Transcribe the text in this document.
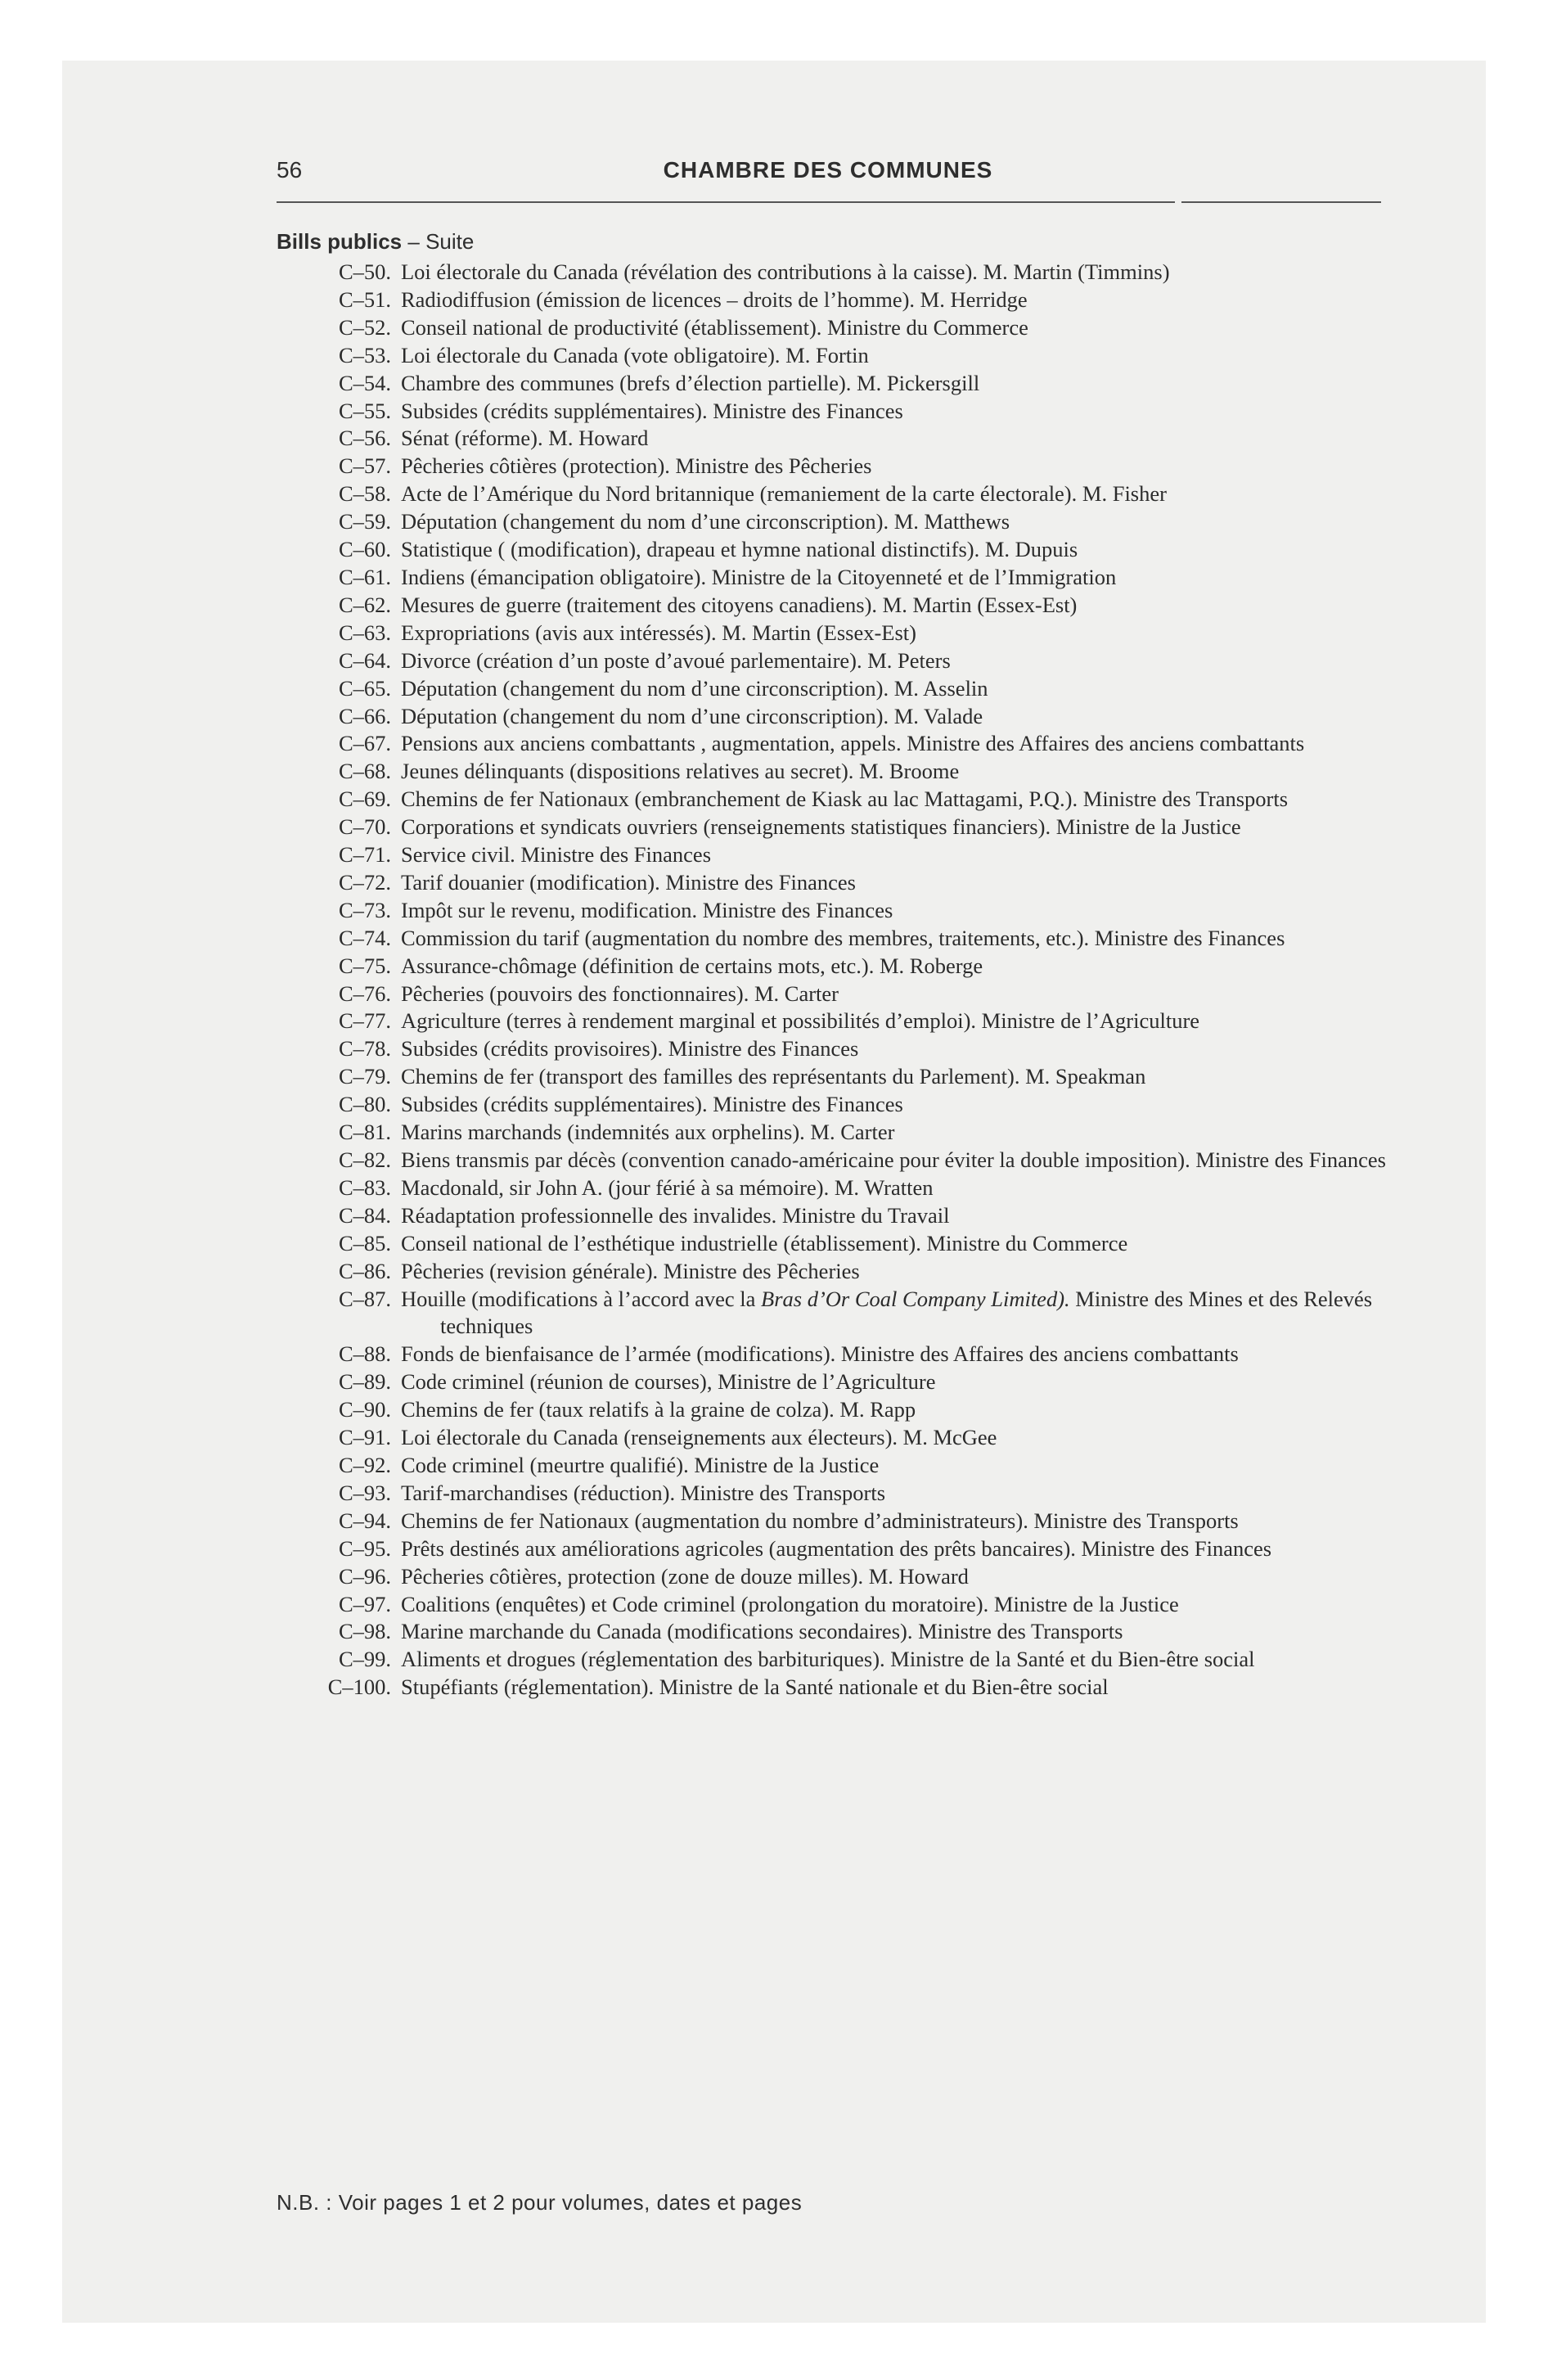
56	CHAMBRE DES COMMUNES
Bills publics – Suite
C–50. Loi électorale du Canada (révélation des contributions à la caisse). M. Martin (Timmins)
C–51. Radiodiffusion (émission de licences – droits de l’homme). M. Herridge
C–52. Conseil national de productivité (établissement). Ministre du Commerce
C–53. Loi électorale du Canada (vote obligatoire). M. Fortin
C–54. Chambre des communes (brefs d’élection partielle). M. Pickersgill
C–55. Subsides (crédits supplémentaires). Ministre des Finances
C–56. Sénat (réforme). M. Howard
C–57. Pêcheries côtières (protection). Ministre des Pêcheries
C–58. Acte de l’Amérique du Nord britannique (remaniement de la carte électorale). M. Fisher
C–59. Députation (changement du nom d’une circonscription). M. Matthews
C–60. Statistique ( (modification), drapeau et hymne national distinctifs). M. Dupuis
C–61. Indiens (émancipation obligatoire). Ministre de la Citoyenneté et de l’Immigration
C–62. Mesures de guerre (traitement des citoyens canadiens). M. Martin (Essex-Est)
C–63. Expropriations (avis aux intéressés). M. Martin (Essex-Est)
C–64. Divorce (création d’un poste d’avoué parlementaire). M. Peters
C–65. Députation (changement du nom d’une circonscription). M. Asselin
C–66. Députation (changement du nom d’une circonscription). M. Valade
C–67. Pensions aux anciens combattants , augmentation, appels. Ministre des Affaires des anciens combattants
C–68. Jeunes délinquants (dispositions relatives au secret). M. Broome
C–69. Chemins de fer Nationaux (embranchement de Kiask au lac Mattagami, P.Q.). Ministre des Transports
C–70. Corporations et syndicats ouvriers (renseignements statistiques financiers). Ministre de la Justice
C–71. Service civil. Ministre des Finances
C–72. Tarif douanier (modification). Ministre des Finances
C–73. Impôt sur le revenu, modification. Ministre des Finances
C–74. Commission du tarif (augmentation du nombre des membres, traitements, etc.). Ministre des Finances
C–75. Assurance-chômage (définition de certains mots, etc.). M. Roberge
C–76. Pêcheries (pouvoirs des fonctionnaires). M. Carter
C–77. Agriculture (terres à rendement marginal et possibilités d’emploi). Ministre de l’Agriculture
C–78. Subsides (crédits provisoires). Ministre des Finances
C–79. Chemins de fer (transport des familles des représentants du Parlement). M. Speakman
C–80. Subsides (crédits supplémentaires). Ministre des Finances
C–81. Marins marchands (indemnités aux orphelins). M. Carter
C–82. Biens transmis par décès (convention canado-américaine pour éviter la double imposition). Ministre des Finances
C–83. Macdonald, sir John A. (jour férié à sa mémoire). M. Wratten
C–84. Réadaptation professionnelle des invalides. Ministre du Travail
C–85. Conseil national de l’esthétique industrielle (établissement). Ministre du Commerce
C–86. Pêcheries (revision générale). Ministre des Pêcheries
C–87. Houille (modifications à l’accord avec la Bras d’Or Coal Company Limited). Ministre des Mines et des Relevés techniques
C–88. Fonds de bienfaisance de l’armée (modifications). Ministre des Affaires des anciens combattants
C–89. Code criminel (réunion de courses), Ministre de l’Agriculture
C–90. Chemins de fer (taux relatifs à la graine de colza). M. Rapp
C–91. Loi électorale du Canada (renseignements aux électeurs). M. McGee
C–92. Code criminel (meurtre qualifié). Ministre de la Justice
C–93. Tarif-marchandises (réduction). Ministre des Transports
C–94. Chemins de fer Nationaux (augmentation du nombre d’administrateurs). Ministre des Transports
C–95. Prêts destinés aux améliorations agricoles (augmentation des prêts bancaires). Ministre des Finances
C–96. Pêcheries côtières, protection (zone de douze milles). M. Howard
C–97. Coalitions (enquêtes) et Code criminel (prolongation du moratoire). Ministre de la Justice
C–98. Marine marchande du Canada (modifications secondaires). Ministre des Transports
C–99. Aliments et drogues (réglementation des barbituriques). Ministre de la Santé et du Bien-être social
C–100. Stupéfiants (réglementation). Ministre de la Santé nationale et du Bien-être social
N.B. : Voir pages 1 et 2 pour volumes, dates et pages
